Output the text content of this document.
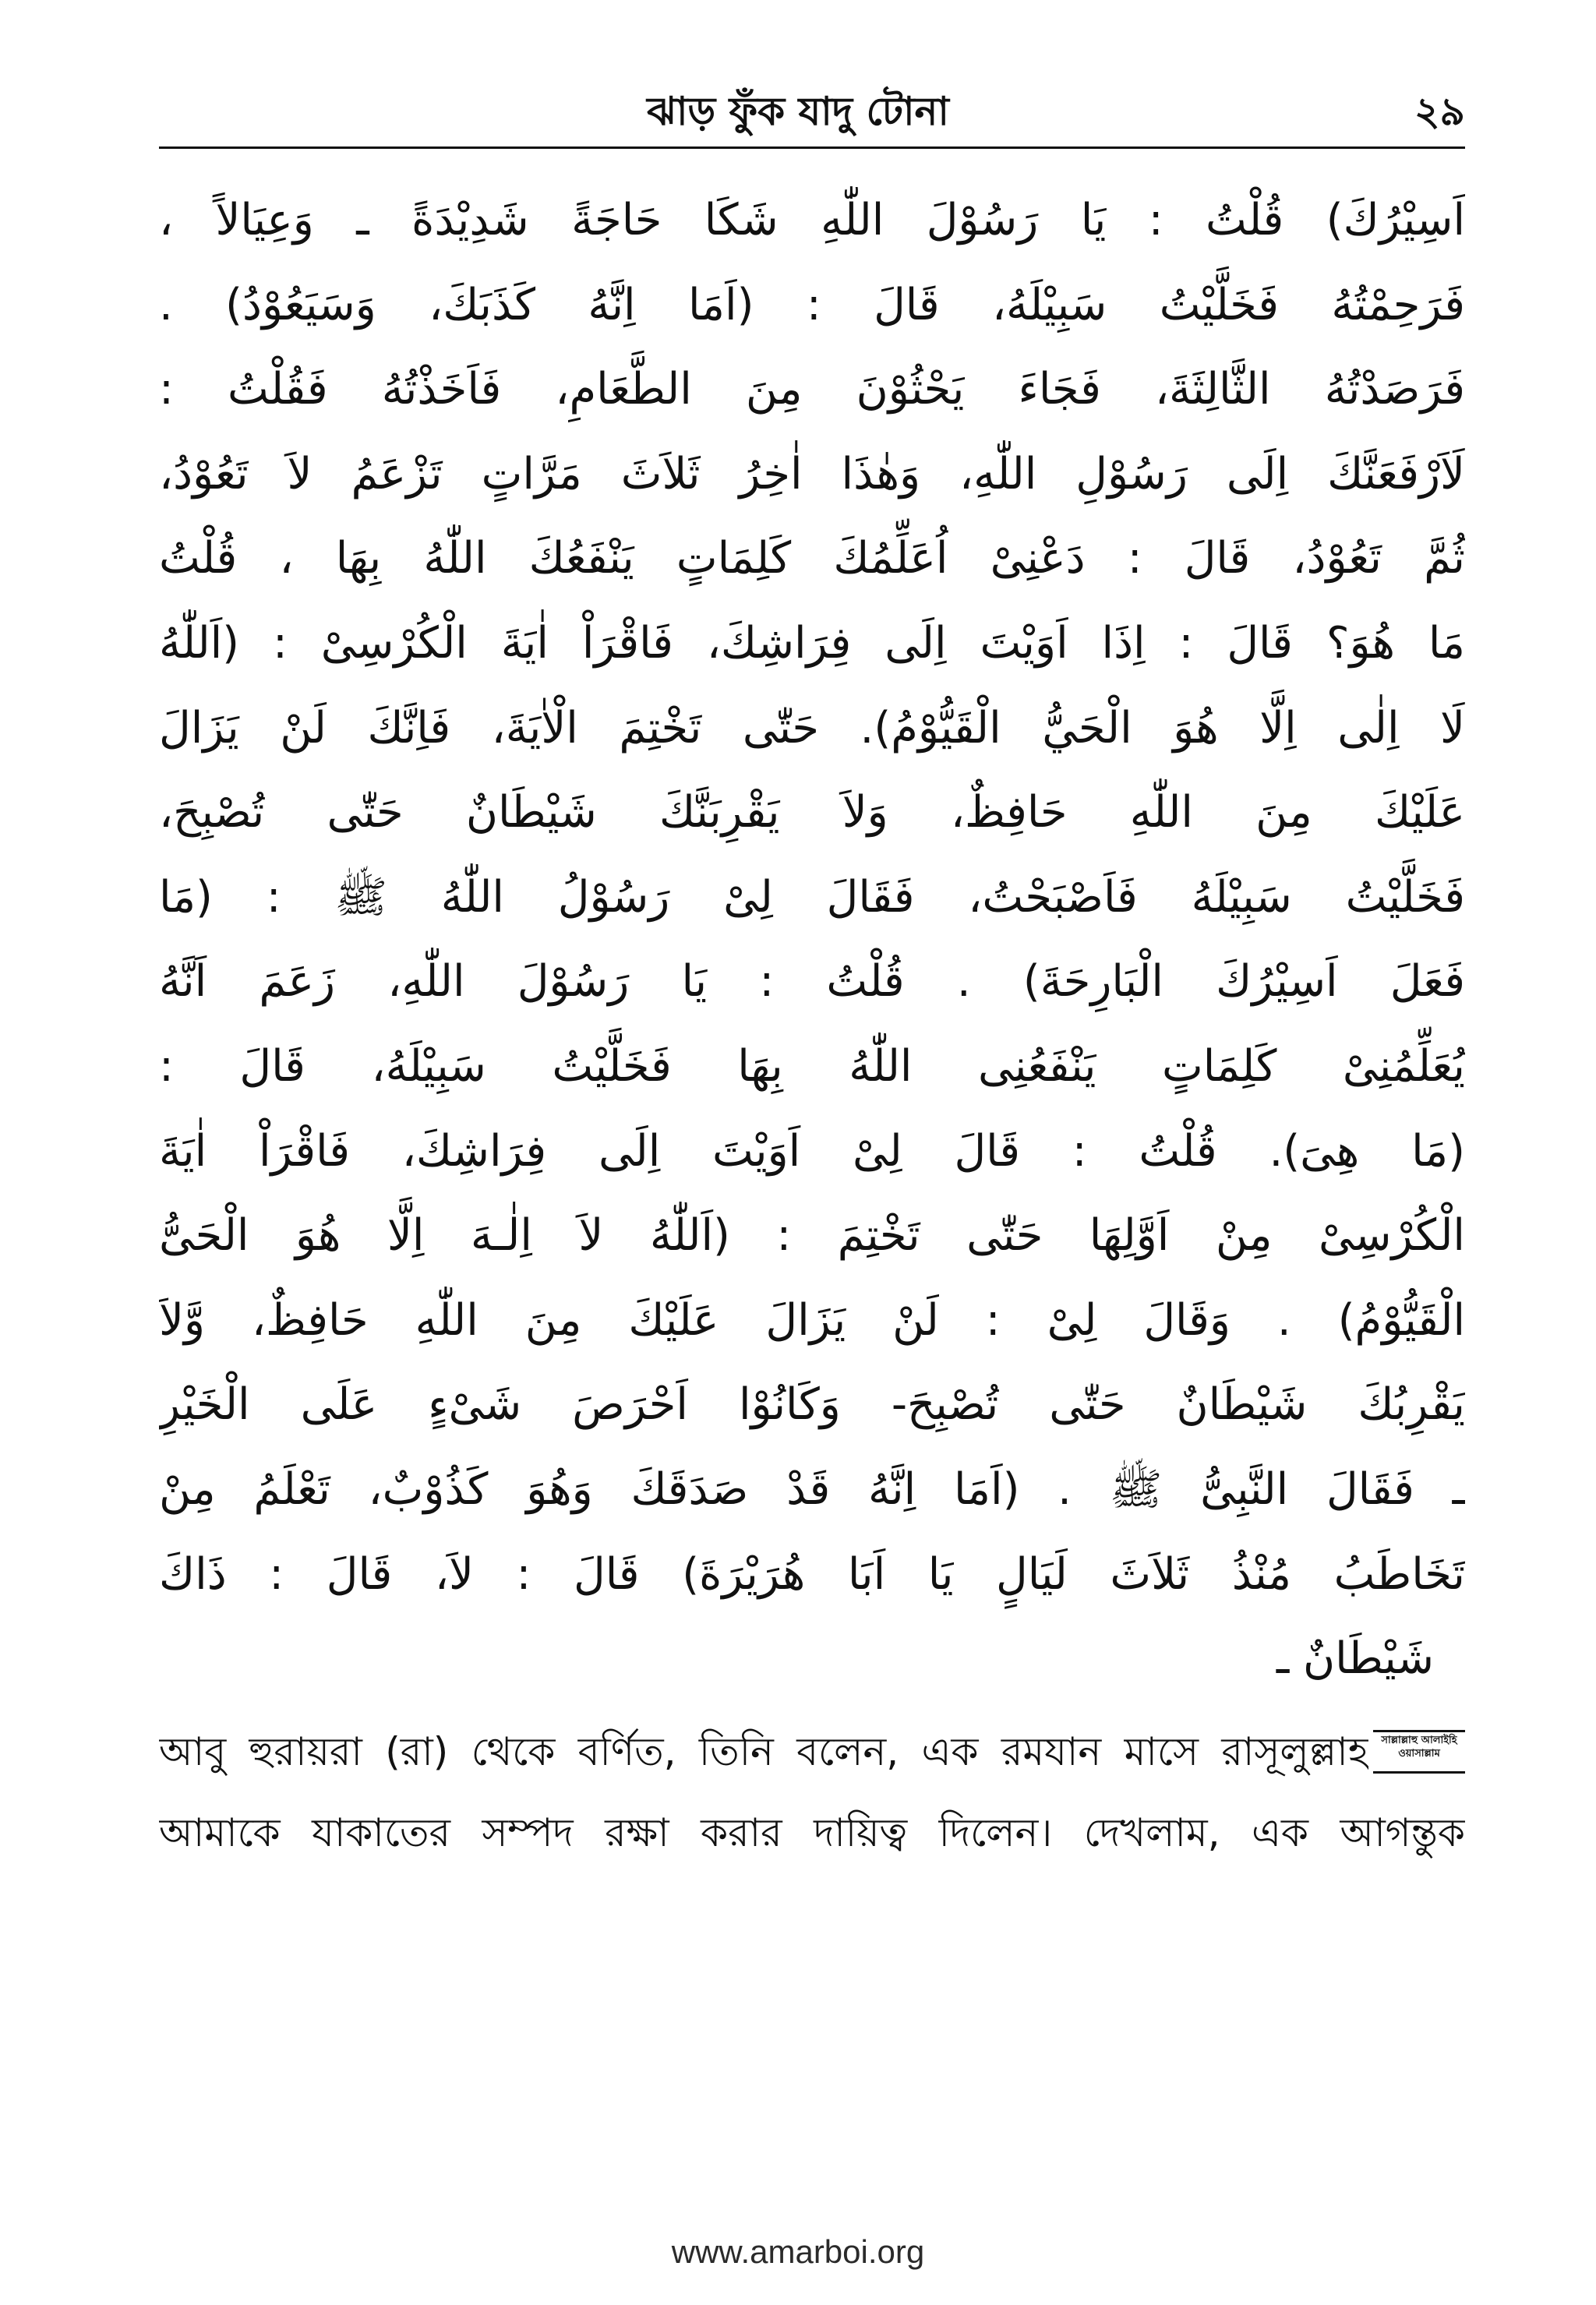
ঝাড় ফুঁক যাদু টোনা	২৯
اَسِيْرُكَ) قُلْتُ : يَا رَسُوْلَ اللّٰهِ شَكَا حَاجَةً شَدِيْدَةً ـ وَعِيَالاً ،
فَرَحِمْتُهُ فَخَلَّيْتُ سَبِيْلَهُ، قَالَ : (اَمَا اِنَّهُ كَذَبَكَ، وَسَيَعُوْدُ) .
فَرَصَدْتُهُ الثَّالِثَةَ، فَجَاءَ يَحْثُوْنَ مِنَ الطَّعَامِ، فَاَخَذْتُهُ فَقُلْتُ :
لَاَرْفَعَنَّكَ اِلَى رَسُوْلِ اللّٰهِ، وَهٰذَا اٰخِرُ ثَلاَثَ مَرَّاتٍ تَزْعَمُ لاَ تَعُوْدُ،
ثُمَّ تَعُوْدُ، قَالَ : دَعْنِىْ اُعَلِّمُكَ كَلِمَاتٍ يَنْفَعُكَ اللّٰهُ بِهَا ، قُلْتُ
مَا هُوَ؟ قَالَ : اِذَا اَوَيْتَ اِلَى فِرَاشِكَ، فَاقْرَاْ اٰيَةَ الْكُرْسِىْ : (اَللّٰهُ
لَا اِلٰى اِلَّا هُوَ الْحَيُّ الْقَيُّوْمُ). حَتّٰى تَخْتِمَ الْاٰيَةَ، فَاِنَّكَ لَنْ يَزَالَ
عَلَيْكَ مِنَ اللّٰهِ حَافِظٌ، وَلاَ يَقْرِبَنَّكَ شَيْطَانٌ حَتّٰى تُصْبِحَ،
فَخَلَّيْتُ سَبِيْلَهُ فَاَصْبَحْتُ، فَقَالَ لِىْ رَسُوْلُ اللّٰهُ ﷺ : (مَا
فَعَلَ اَسِيْرُكَ الْبَارِحَةَ) . قُلْتُ : يَا رَسُوْلَ اللّٰهِ، زَعَمَ اَنَّهُ
يُعَلِّمُنِىْ كَلِمَاتٍ يَنْفَعُنِى اللّٰهُ بِهَا فَخَلَّيْتُ سَبِيْلَهُ، قَالَ :
(مَا هِىَ). قُلْتُ : قَالَ لِىْ اَوَيْتَ اِلَى فِرَاشِكَ، فَاقْرَاْ اٰيَةَ
الْكُرْسِىْ مِنْ اَوَّلِهَا حَتّٰى تَخْتِمَ : (اَللّٰهُ لاَ اِلٰـهَ اِلَّا هُوَ الْحَىُّ
الْقَيُّوْمُ) . وَقَالَ لِىْ : لَنْ يَزَالَ عَلَيْكَ مِنَ اللّٰهِ حَافِظٌ، وَّلاَ
يَقْرِبُكَ شَيْطَانٌ حَتّٰى تُصْبِحَ- وَكَانُوْا اَحْرَصَ شَىْءٍ عَلَى الْخَيْرِ
ـ فَقَالَ النَّبِىُّ ﷺ . (اَمَا اِنَّهُ قَدْ صَدَقَكَ وَهُوَ كَذُوْبٌ، تَعْلَمُ مِنْ
تَخَاطَبُ مُنْذُ ثَلاَثَ لَيَالٍ يَا اَبَا هُرَيْرَةَ) قَالَ : لاَ، قَالَ : ذَاكَ
شَيْطَانٌ ـ
আবু হুরায়রা (রা) থেকে বর্ণিত, তিনি বলেন, এক রমযান মাসে রাসূলুল্লাহ	সাল্লাল্লাহু আলাইহি ওয়াসাল্লাম
আমাকে যাকাতের সম্পদ রক্ষা করার দায়িত্ব দিলেন। দেখলাম, এক আগন্তুক
www.amarboi.org
